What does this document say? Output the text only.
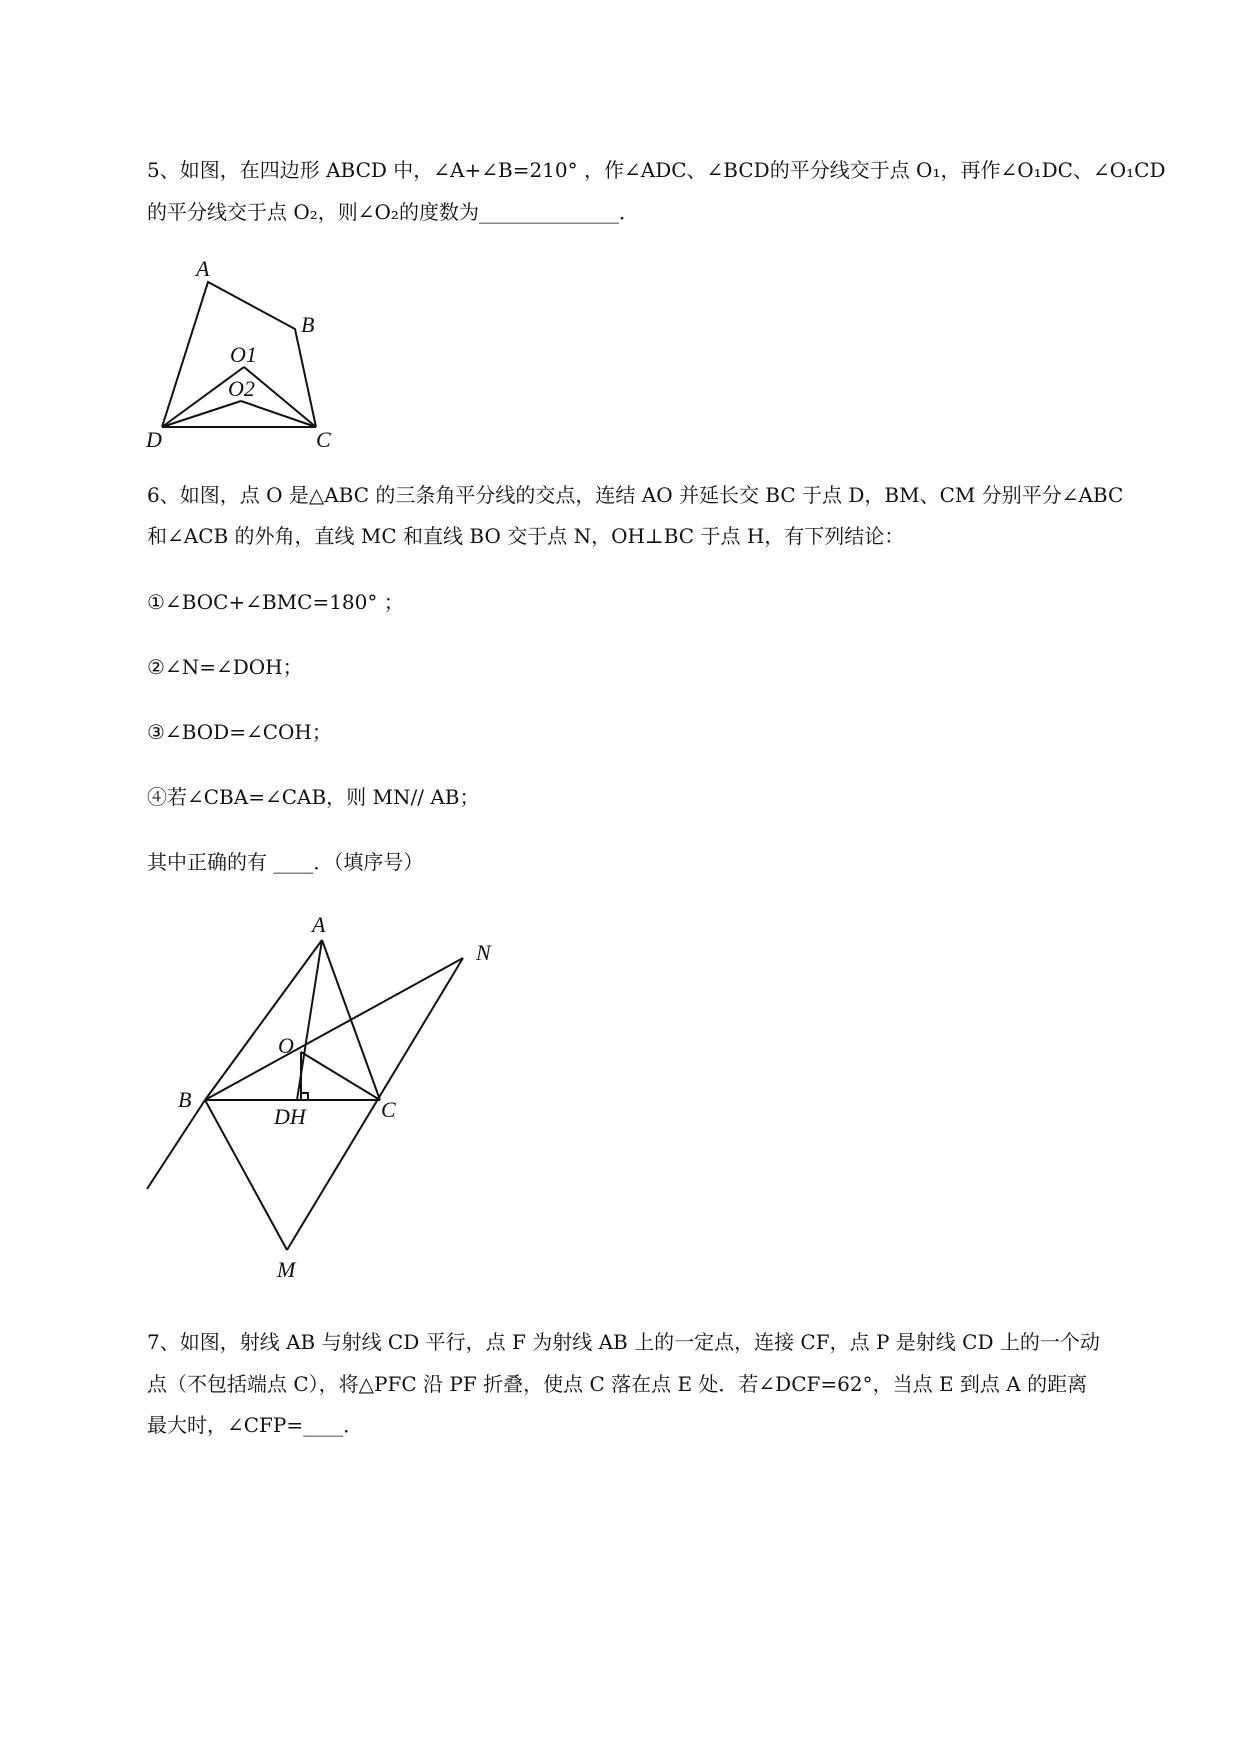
5、如图，在四边形 ABCD 中，∠A+∠B=210° ，作∠ADC、∠BCD的平分线交于点 O₁，再作∠O₁DC、∠O₁CD
的平分线交于点 O₂，则∠O₂的度数为______________．
A
B
O1
O2
D	C
6、如图，点 O 是△ABC 的三条角平分线的交点，连结 AO 并延长交 BC 于点 D，BM、CM 分别平分∠ABC
和∠ACB 的外角，直线 MC 和直线 BO 交于点 N，OH⊥BC 于点 H，有下列结论：
①∠BOC+∠BMC=180° ；
②∠N=∠DOH；
③∠BOD=∠COH；
④若∠CBA=∠CAB，则 MN// AB；
其中正确的有 ____．（填序号）
A
N
O
B
DH	C
M
7、如图，射线 AB 与射线 CD 平行，点 F 为射线 AB 上的一定点，连接 CF，点 P 是射线 CD 上的一个动
点（不包括端点 C），将△PFC 沿 PF 折叠，使点 C 落在点 E 处．若∠DCF=62°，当点 E 到点 A 的距离
最大时，∠CFP=____．
